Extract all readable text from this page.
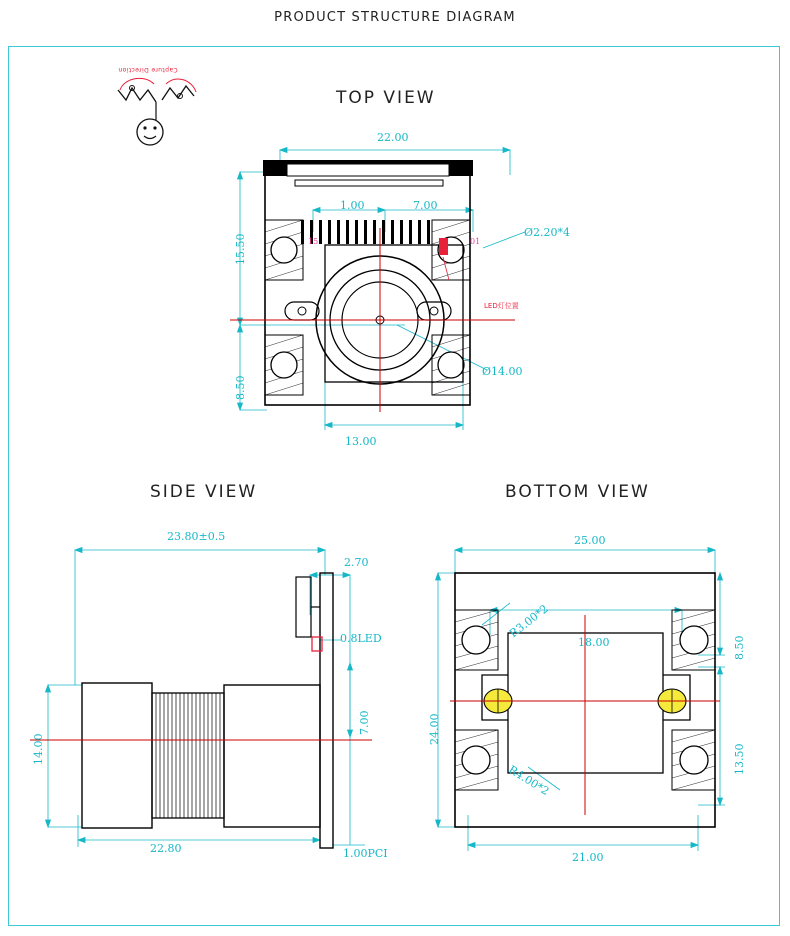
PRODUCT STRUCTURE DIAGRAM
Capture Direction
TOP VIEW
22.00
1.00	7.00
15.50
8.50
13.00
Ø2.20*4
Ø14.00
15	01
LED灯位置
SIDE VIEW
23.80±0.5
2.70
0.8LED
7.00
14.00
22.80	1.00PCI
BOTTOM VIEW
25.00
18.00
24.00
8.50
13.50
21.00
R3.00*2
R4.00*2
